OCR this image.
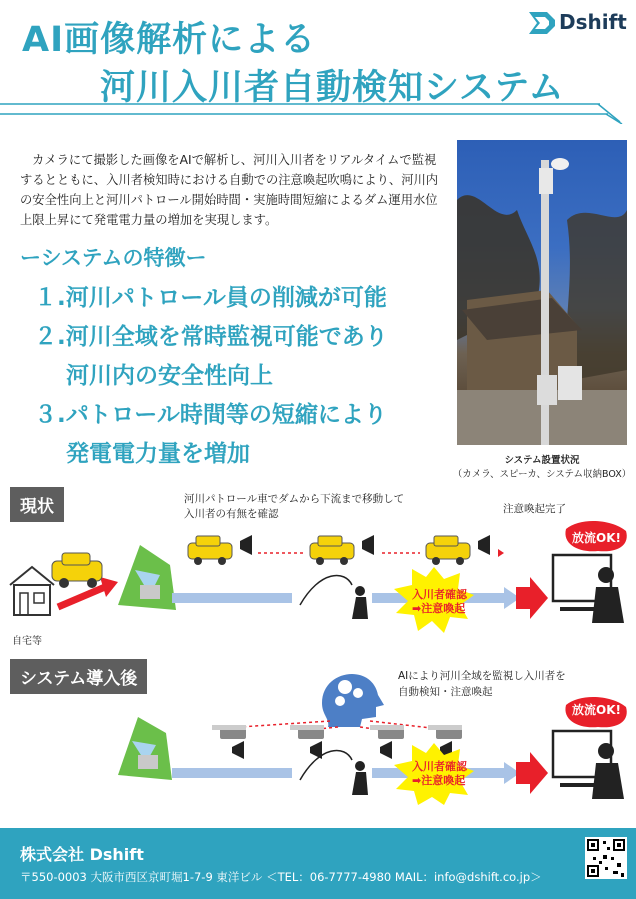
AI画像解析による
河川入川者自動検知システム
Dshift

カメラにて撮影した画像をAIで解析し、河川入川者をリアルタイムで監視するとともに、入川者検知時における自動での注意喚起吹鳴により、河川内の安全性向上と河川パトロール開始時間・実施時間短縮によるダム運用水位上限上昇にて発電電力量の増加を実現します。

ーシステムの特徴ー
１.河川パトロール員の削減が可能
２.河川全域を常時監視可能であり
河川内の安全性向上
３.パトロール時間等の短縮により
発電電力量を増加	システム設置状況
（カメラ、スピーカ、システム収納BOX）
現状	河川パトロール車でダムから下流まで移動して
入川者の有無を確認	注意喚起完了
自宅等
入川者確認
➡注意喚起
放流OK!
システム導入後	AIにより河川全域を監視し入川者を
自動検知・注意喚起
入川者確認
➡注意喚起
放流OK!
株式会社 Dshift
〒550-0003 大阪市西区京町堀1-7-9 東洋ビル ＜TEL：06-7777-4980 MAIL：info@dshift.co.jp＞
